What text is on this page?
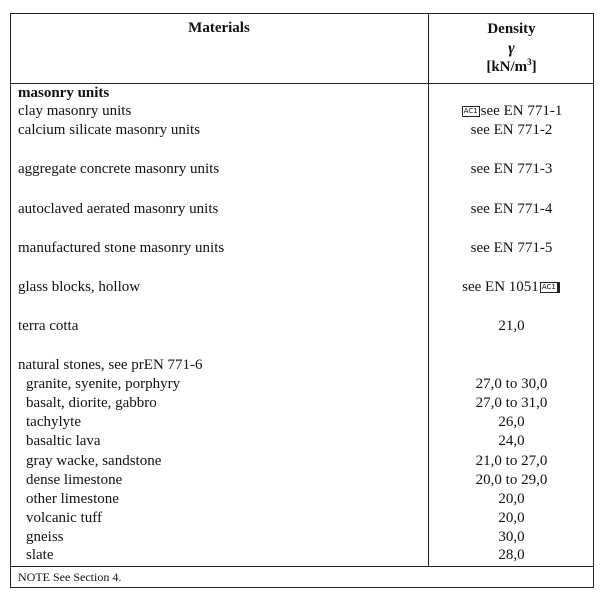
Materials	Density
γ
$[kN/m^3]$
masonry units
clay masonry units	AC1 see EN 771-1
calcium silicate masonry units	see EN 771-2
aggregate concrete masonry units	see EN 771-3
autoclaved aerated masonry units	see EN 771-4
manufactured stone masonry units	see EN 771-5
glass blocks, hollow	see EN 1051 AC1
terra cotta	21,0
natural stones, see prEN 771-6
granite, syenite, porphyry	27,0 to 30,0
basalt, diorite, gabbro	27,0 to 31,0
tachylyte	26,0
basaltic lava	24,0
gray wacke, sandstone	21,0 to 27,0
dense limestone	20,0 to 29,0
other limestone	20,0
volcanic tuff	20,0
gneiss	30,0
slate	28,0
NOTE See Section 4.
